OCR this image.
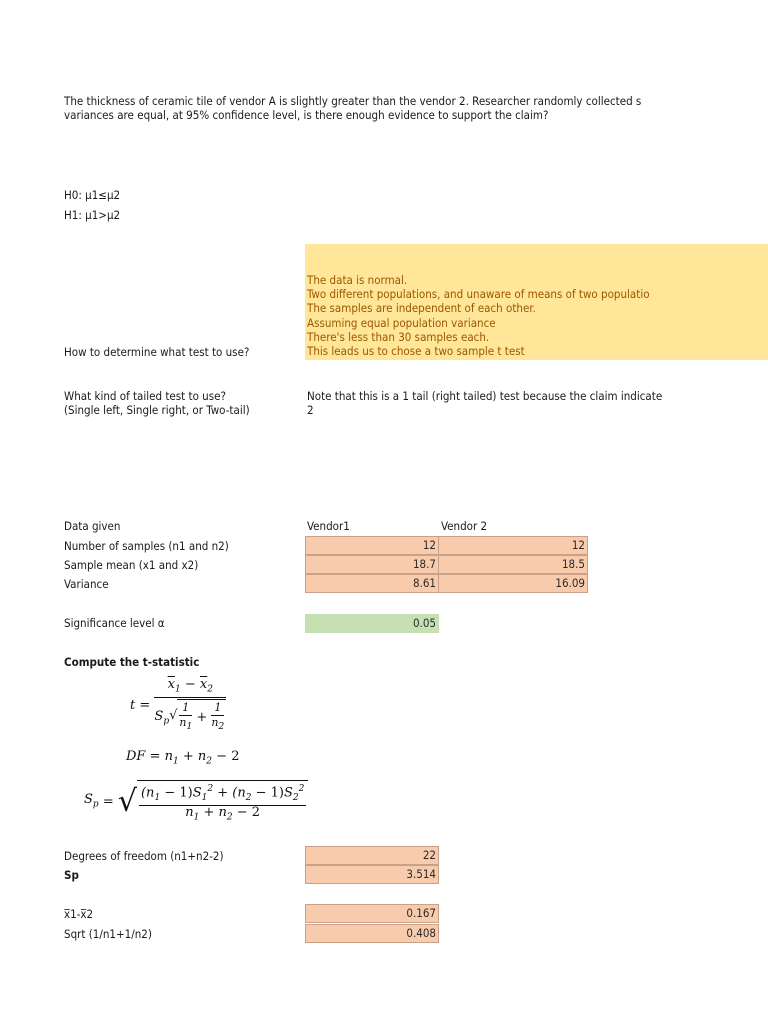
The thickness of ceramic tile of vendor A is slightly greater than the vendor 2. Researcher randomly collected s
variances are equal, at 95% confidence level, is there enough evidence to support the claim?
H0: µ1≤µ2
H1: µ1>µ2
The data is normal.
Two different populations, and unaware of means of two populatio
The samples are independent of each other.
Assuming equal population variance
There's less than 30 samples each.
This leads us to chose a two sample t test
How to determine what test to use?
What kind of tailed test to use?
(Single left, Single right, or Two-tail)
Note that this is a 1 tail (right tailed) test because the claim indicate
2
Data given	Vendor1	Vendor 2
Number of samples (n1 and n2)	12	12
Sample mean (x1 and x2)	18.7	18.5
Variance	8.61	16.09
Significance level α	0.05
Compute the t-statistic
$t = \frac{\overline{x}_1 - \overline{x}_2}{S_p√ \frac{1}{n_1} + \frac{1}{n_2}}$
DF = $n_1 + n_2 - 2$
$S_p$ = √ $\frac{(n_1 - 1)S_1^2 + (n_2 - 1)S_2^2}{n_1 + n_2 - 2}$
Degrees of freedom (n1+n2-2)	22
Sp	3.514
x̅1-x̅2	0.167
Sqrt (1/n1+1/n2)	0.408
